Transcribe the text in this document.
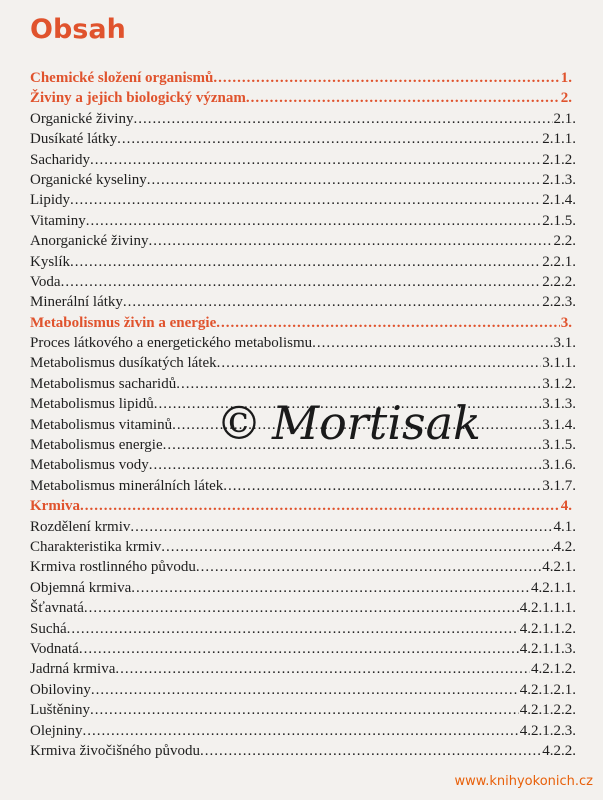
Obsah
Chemické složení organismů .....	1.
Živiny a jejich biologický význam .....	2.
Organické živiny .....	2.1.
Dusíkaté látky .....	2.1.1.
Sacharidy .....	2.1.2.
Organické kyseliny .....	2.1.3.
Lipidy .....	2.1.4.
Vitaminy .....	2.1.5.
Anorganické živiny .....	2.2.
Kyslík .....	2.2.1.
Voda .....	2.2.2.
Minerální látky .....	2.2.3.
Metabolismus živin a energie .....	3.
Proces látkového a energetického metabolismu .....	3.1.
Metabolismus dusíkatých látek .....	3.1.1.
Metabolismus sacharidů .....	3.1.2.
Metabolismus lipidů .....	3.1.3.
Metabolismus vitaminů .....	3.1.4.
Metabolismus energie .....	3.1.5.
Metabolismus vody .....	3.1.6.
Metabolismus minerálních látek .....	3.1.7.
Krmiva .....	4.
Rozdělení krmiv .....	4.1.
Charakteristika krmiv .....	4.2.
Krmiva rostlinného původu .....	4.2.1.
Objemná krmiva .....	4.2.1.1.
Šťavnatá .....	4.2.1.1.1.
Suchá .....	4.2.1.1.2.
Vodnatá .....	4.2.1.1.3.
Jadrná krmiva .....	4.2.1.2.
Obiloviny .....	4.2.1.2.1.
Luštěniny .....	4.2.1.2.2.
Olejniny .....	4.2.1.2.3.
Krmiva živočišného původu .....	4.2.2.
© Mortisak
www.knihyokonich.cz
